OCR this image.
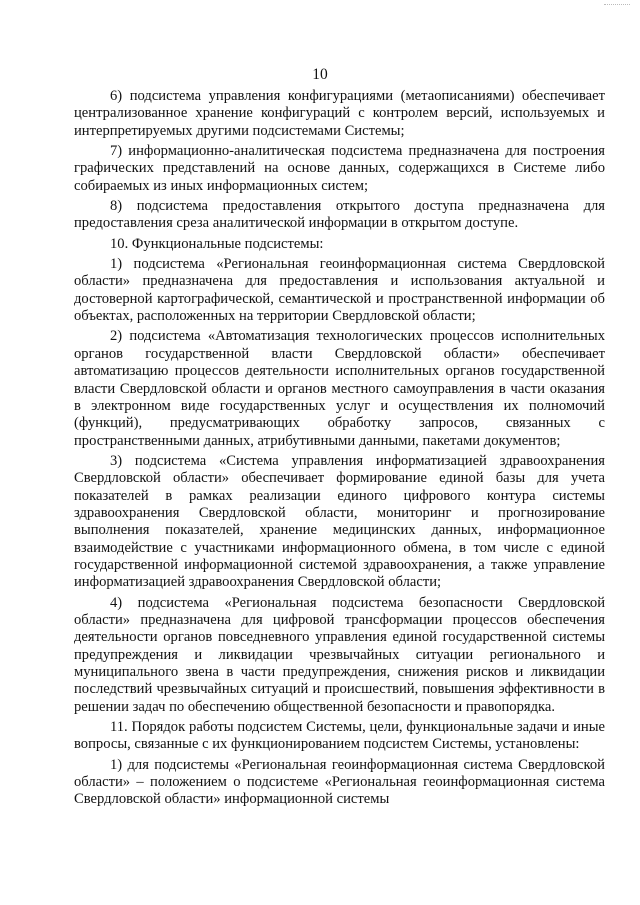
10

6) подсистема управления конфигурациями (метаописаниями) обеспечивает централизованное хранение конфигураций с контролем версий, используемых и интерпретируемых другими подсистемами Системы;

7) информационно-аналитическая подсистема предназначена для построения графических представлений на основе данных, содержащихся в Системе либо собираемых из иных информационных систем;

8) подсистема предоставления открытого доступа предназначена для предоставления среза аналитической информации в открытом доступе.

10. Функциональные подсистемы:

1) подсистема «Региональная геоинформационная система Свердловской области» предназначена для предоставления и использования актуальной и достоверной картографической, семантической и пространственной информации об объектах, расположенных на территории Свердловской области;

2) подсистема «Автоматизация технологических процессов исполнительных органов государственной власти Свердловской области» обеспечивает автоматизацию процессов деятельности исполнительных органов государственной власти Свердловской области и органов местного самоуправления в части оказания в электронном виде государственных услуг и осуществления их полномочий (функций), предусматривающих обработку запросов, связанных с пространственными данных, атрибутивными данными, пакетами документов;

3) подсистема «Система управления информатизацией здравоохранения Свердловской области» обеспечивает формирование единой базы для учета показателей в рамках реализации единого цифрового контура системы здравоохранения Свердловской области, мониторинг и прогнозирование выполнения показателей, хранение медицинских данных, информационное взаимодействие с участниками информационного обмена, в том числе с единой государственной информационной системой здравоохранения, а также управление информатизацией здравоохранения Свердловской области;

4) подсистема «Региональная подсистема безопасности Свердловской области» предназначена для цифровой трансформации процессов обеспечения деятельности органов повседневного управления единой государственной системы предупреждения и ликвидации чрезвычайных ситуации регионального и муниципального звена в части предупреждения, снижения рисков и ликвидации последствий чрезвычайных ситуаций и происшествий, повышения эффективности в решении задач по обеспечению общественной безопасности и правопорядка.

11. Порядок работы подсистем Системы, цели, функциональные задачи и иные вопросы, связанные с их функционированием подсистем Системы, установлены:

1) для подсистемы «Региональная геоинформационная система Свердловской области» – положением о подсистеме «Региональная геоинформационная система Свердловской области» информационной системы
